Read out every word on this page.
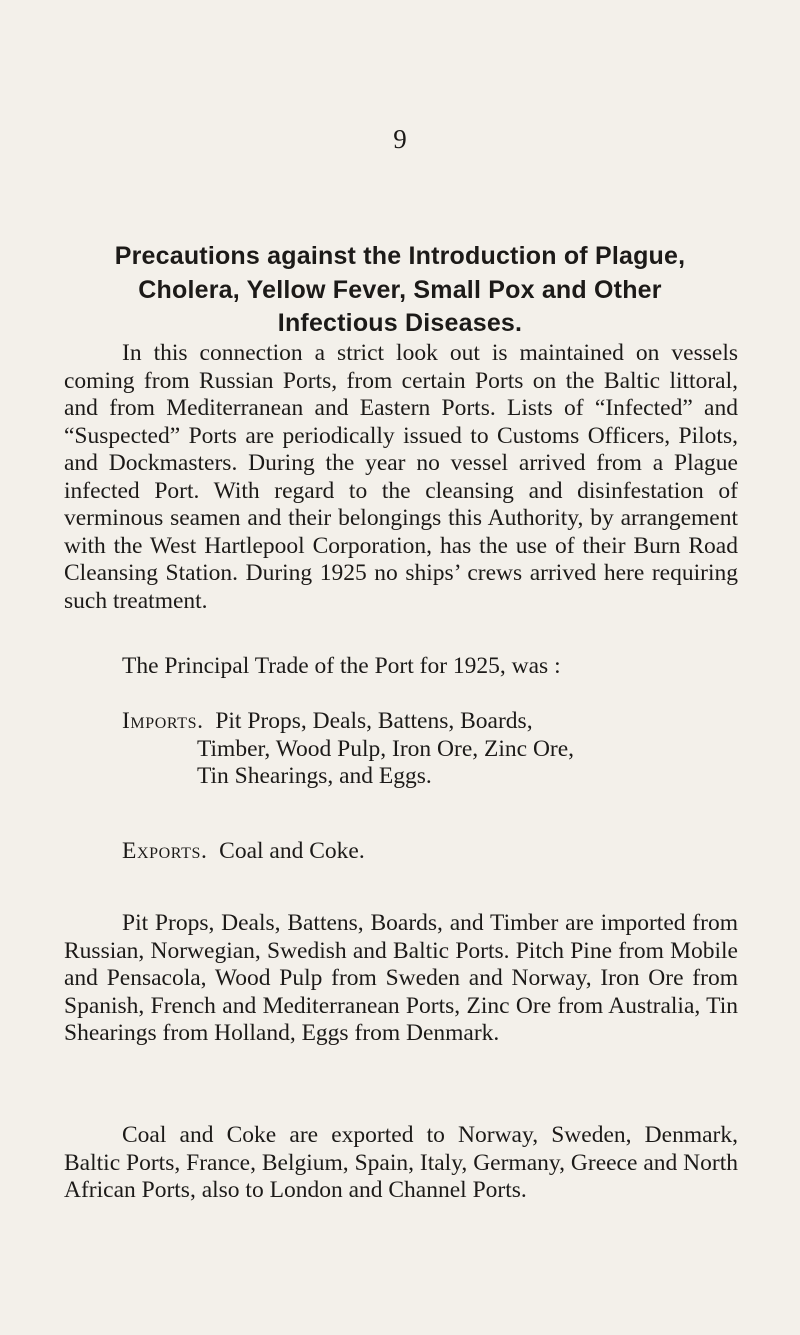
9
Precautions against the Introduction of Plague,
Cholera, Yellow Fever, Small Pox and Other
Infectious Diseases.

In this connection a strict look out is maintained on vessels coming from Russian Ports, from certain Ports on the Baltic littoral, and from Mediterranean and Eastern Ports. Lists of “Infected” and “Suspected” Ports are periodically issued to Customs Officers, Pilots, and Dockmasters. During the year no vessel arrived from a Plague infected Port. With regard to the cleansing and disinfestation of verminous seamen and their belongings this Authority, by arrangement with the West Hartlepool Corporation, has the use of their Burn Road Cleansing Station. During 1925 no ships’ crews arrived here requiring such treatment.

The Principal Trade of the Port for 1925, was :

Imports. Pit Props, Deals, Battens, Boards,
Timber, Wood Pulp, Iron Ore, Zinc Ore,
Tin Shearings, and Eggs.

Exports. Coal and Coke.

Pit Props, Deals, Battens, Boards, and Timber are imported from Russian, Norwegian, Swedish and Baltic Ports. Pitch Pine from Mobile and Pensacola, Wood Pulp from Sweden and Norway, Iron Ore from Spanish, French and Mediterranean Ports, Zinc Ore from Australia, Tin Shearings from Holland, Eggs from Denmark.

Coal and Coke are exported to Norway, Sweden, Denmark, Baltic Ports, France, Belgium, Spain, Italy, Germany, Greece and North African Ports, also to London and Channel Ports.
